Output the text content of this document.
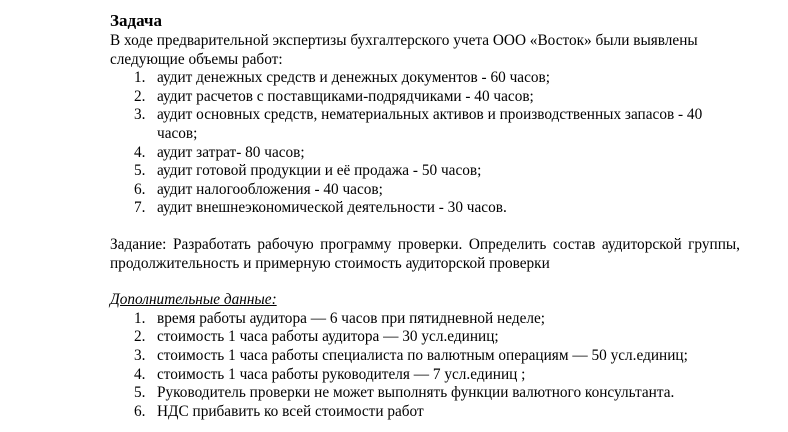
Задача

В ходе предварительной экспертизы бухгалтерского учета ООО «Восток» были выявлены следующие объемы работ:

1. аудит денежных средств и денежных документов - 60 часов;
2. аудит расчетов с поставщиками-подрядчиками - 40 часов;
3. аудит основных средств, нематериальных активов и производственных запасов - 40 часов;
4. аудит затрат- 80 часов;
5. аудит готовой продукции и её продажа - 50 часов;
6. аудит налогообложения - 40 часов;
7. аудит внешнеэкономической деятельности - 30 часов.

Задание: Разработать рабочую программу проверки. Определить состав аудиторской группы, продолжительность и примерную стоимость аудиторской проверки

Дополнительные данные:

1. время работы аудитора — 6 часов при пятидневной неделе;
2. стоимость 1 часа работы аудитора — 30 усл.единиц;
3. стоимость 1 часа работы специалиста по валютным операциям — 50 усл.единиц;
4. стоимость 1 часа работы руководителя — 7 усл.единиц ;
5. Руководитель проверки не может выполнять функции валютного консультанта.
6. НДС прибавить ко всей стоимости работ
